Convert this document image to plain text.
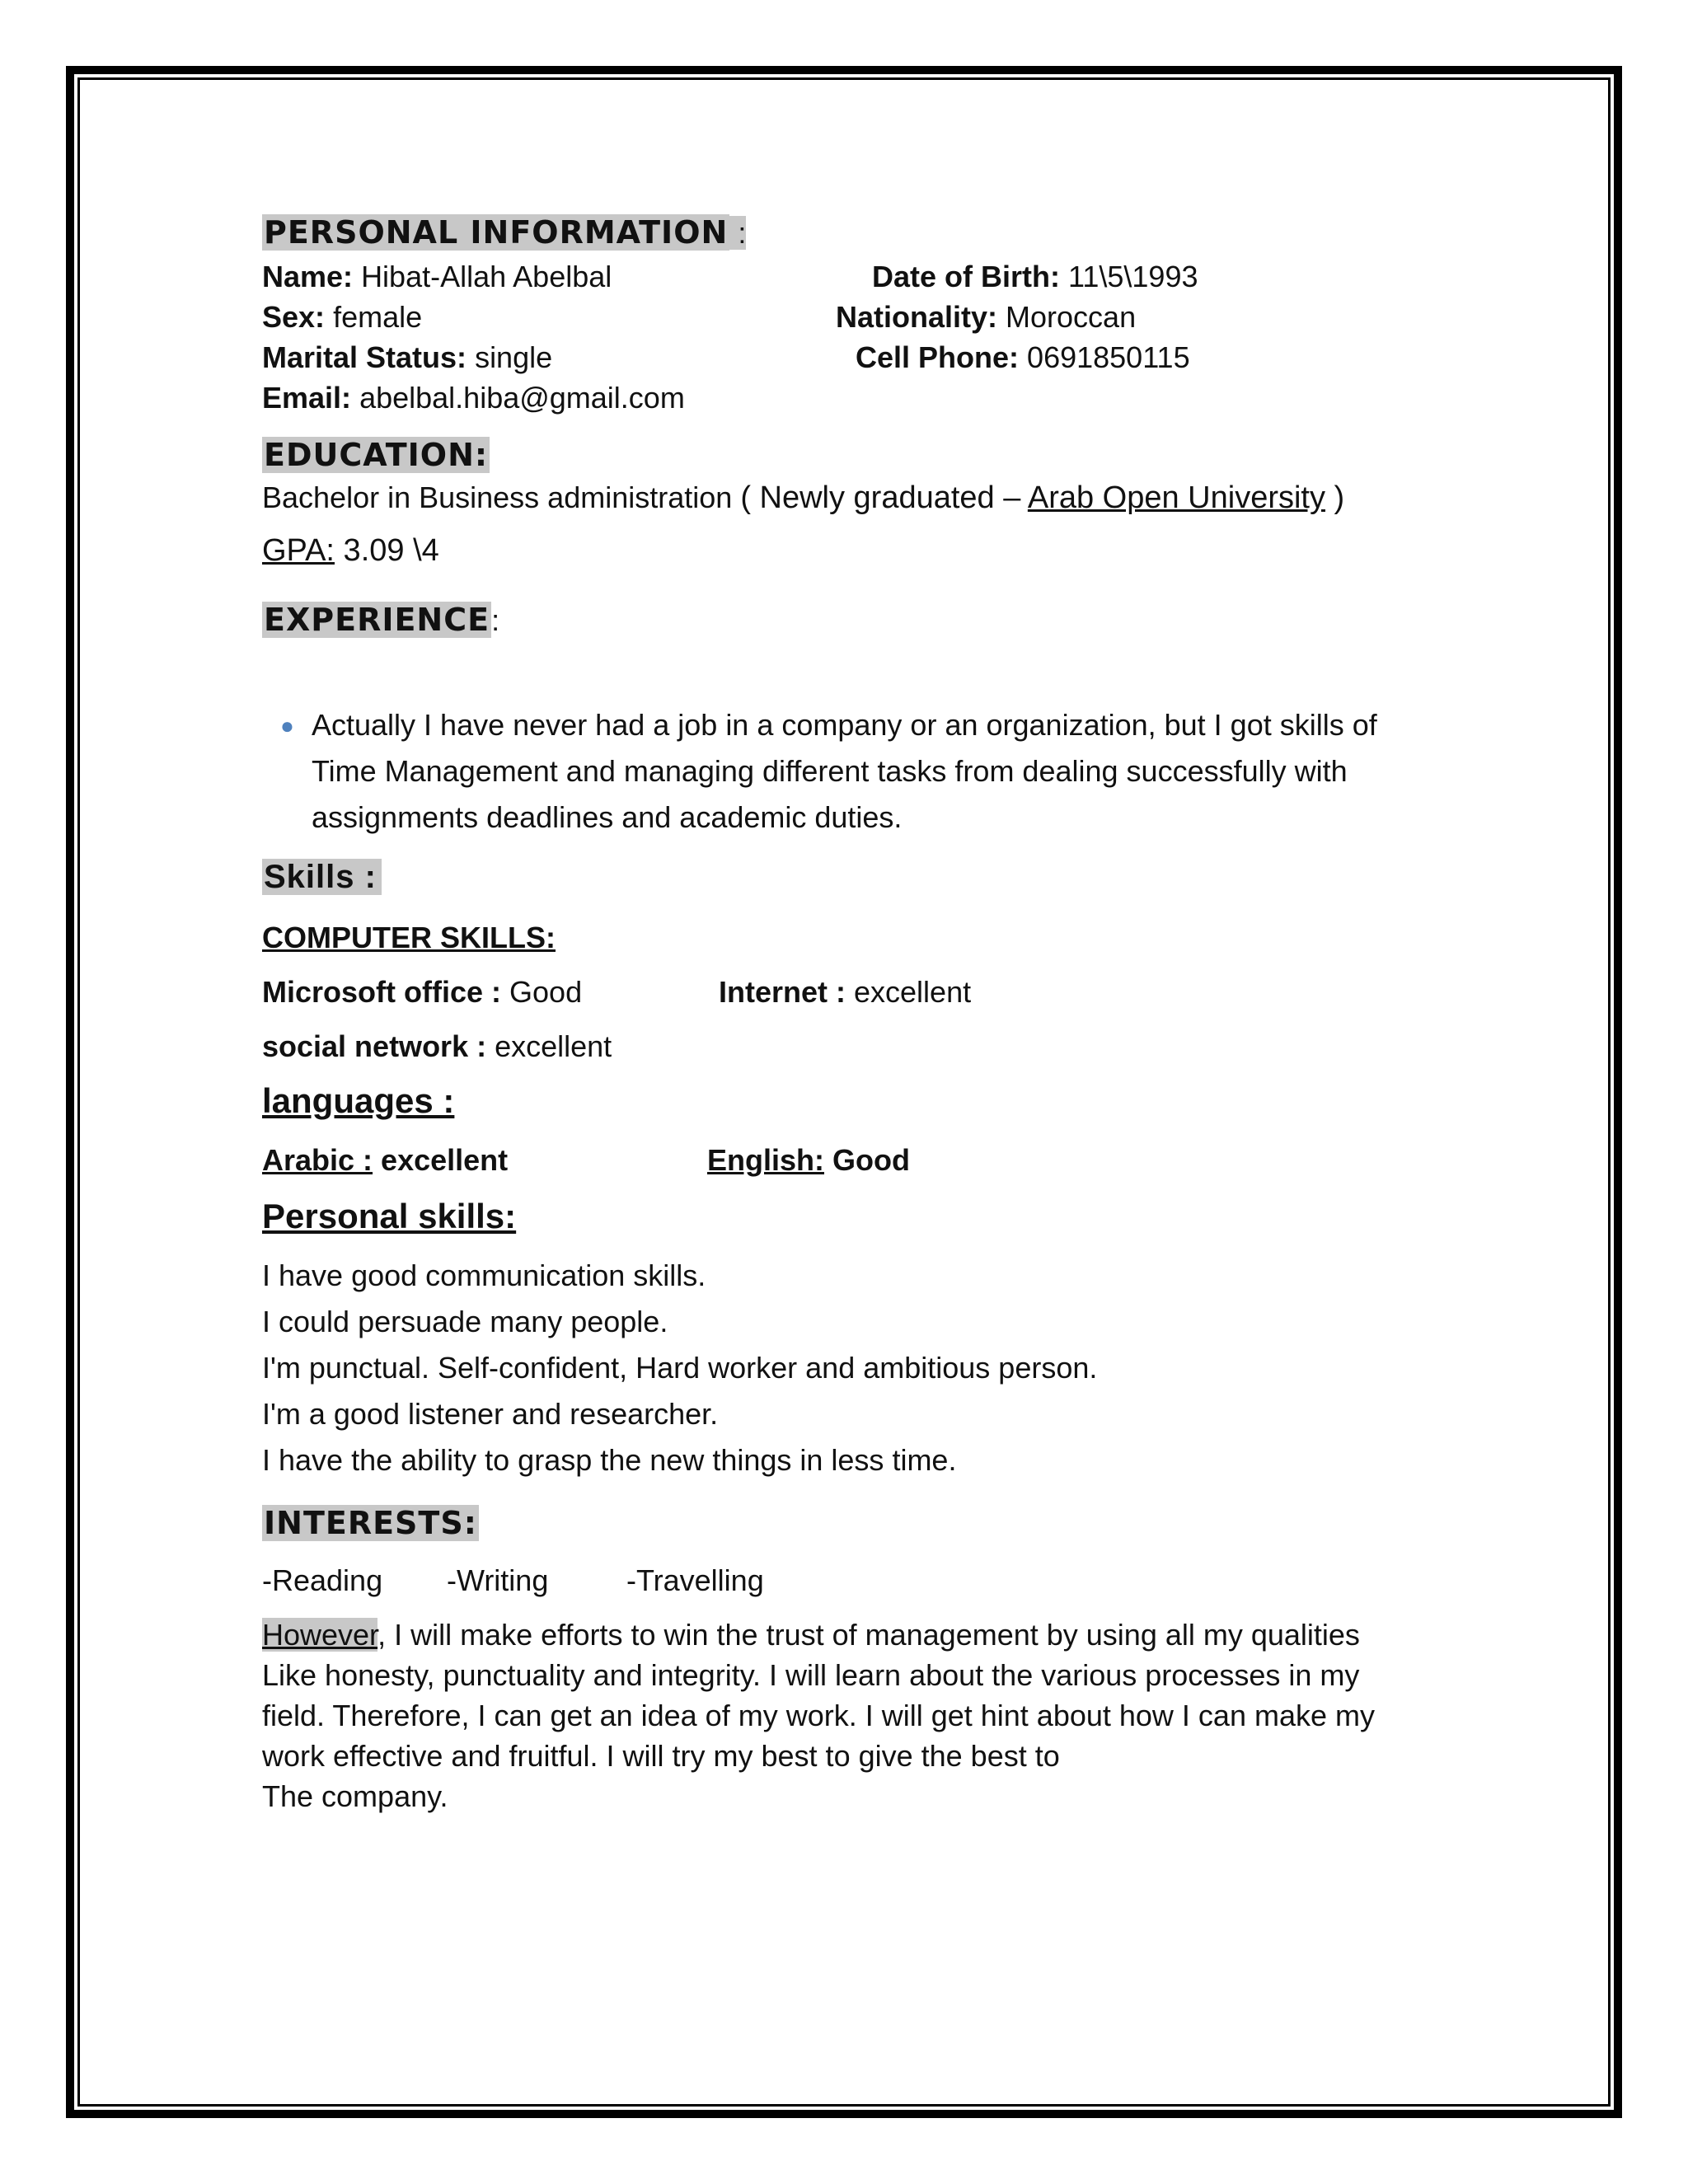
PERSONAL INFORMATION :
Name: Hibat-Allah Abelbal	Date of Birth: 11\5\1993
Sex: female	Nationality: Moroccan
Marital Status: single	Cell Phone: 0691850115
Email: abelbal.hiba@gmail.com
EDUCATION:
Bachelor in Business administration ( Newly graduated – Arab Open University )
GPA: 3.09 \4
EXPERIENCE:
● Actually I have never had a job in a company or an organization, but I got skills of Time Management and managing different tasks from dealing successfully with assignments deadlines and academic duties.
Skills :
COMPUTER SKILLS:
Microsoft office : Good	Internet : excellent
social network : excellent
languages :
Arabic : excellent	English: Good
Personal skills:
I have good communication skills.
I could persuade many people.
I'm punctual. Self-confident, Hard worker and ambitious person.
I'm a good listener and researcher.
I have the ability to grasp the new things in less time.
INTERESTS:
-Reading -Writing	-Travelling
However, I will make efforts to win the trust of management by using all my qualities
Like honesty, punctuality and integrity. I will learn about the various processes in my
field. Therefore, I can get an idea of my work. I will get hint about how I can make my
work effective and fruitful. I will try my best to give the best to
The company.
